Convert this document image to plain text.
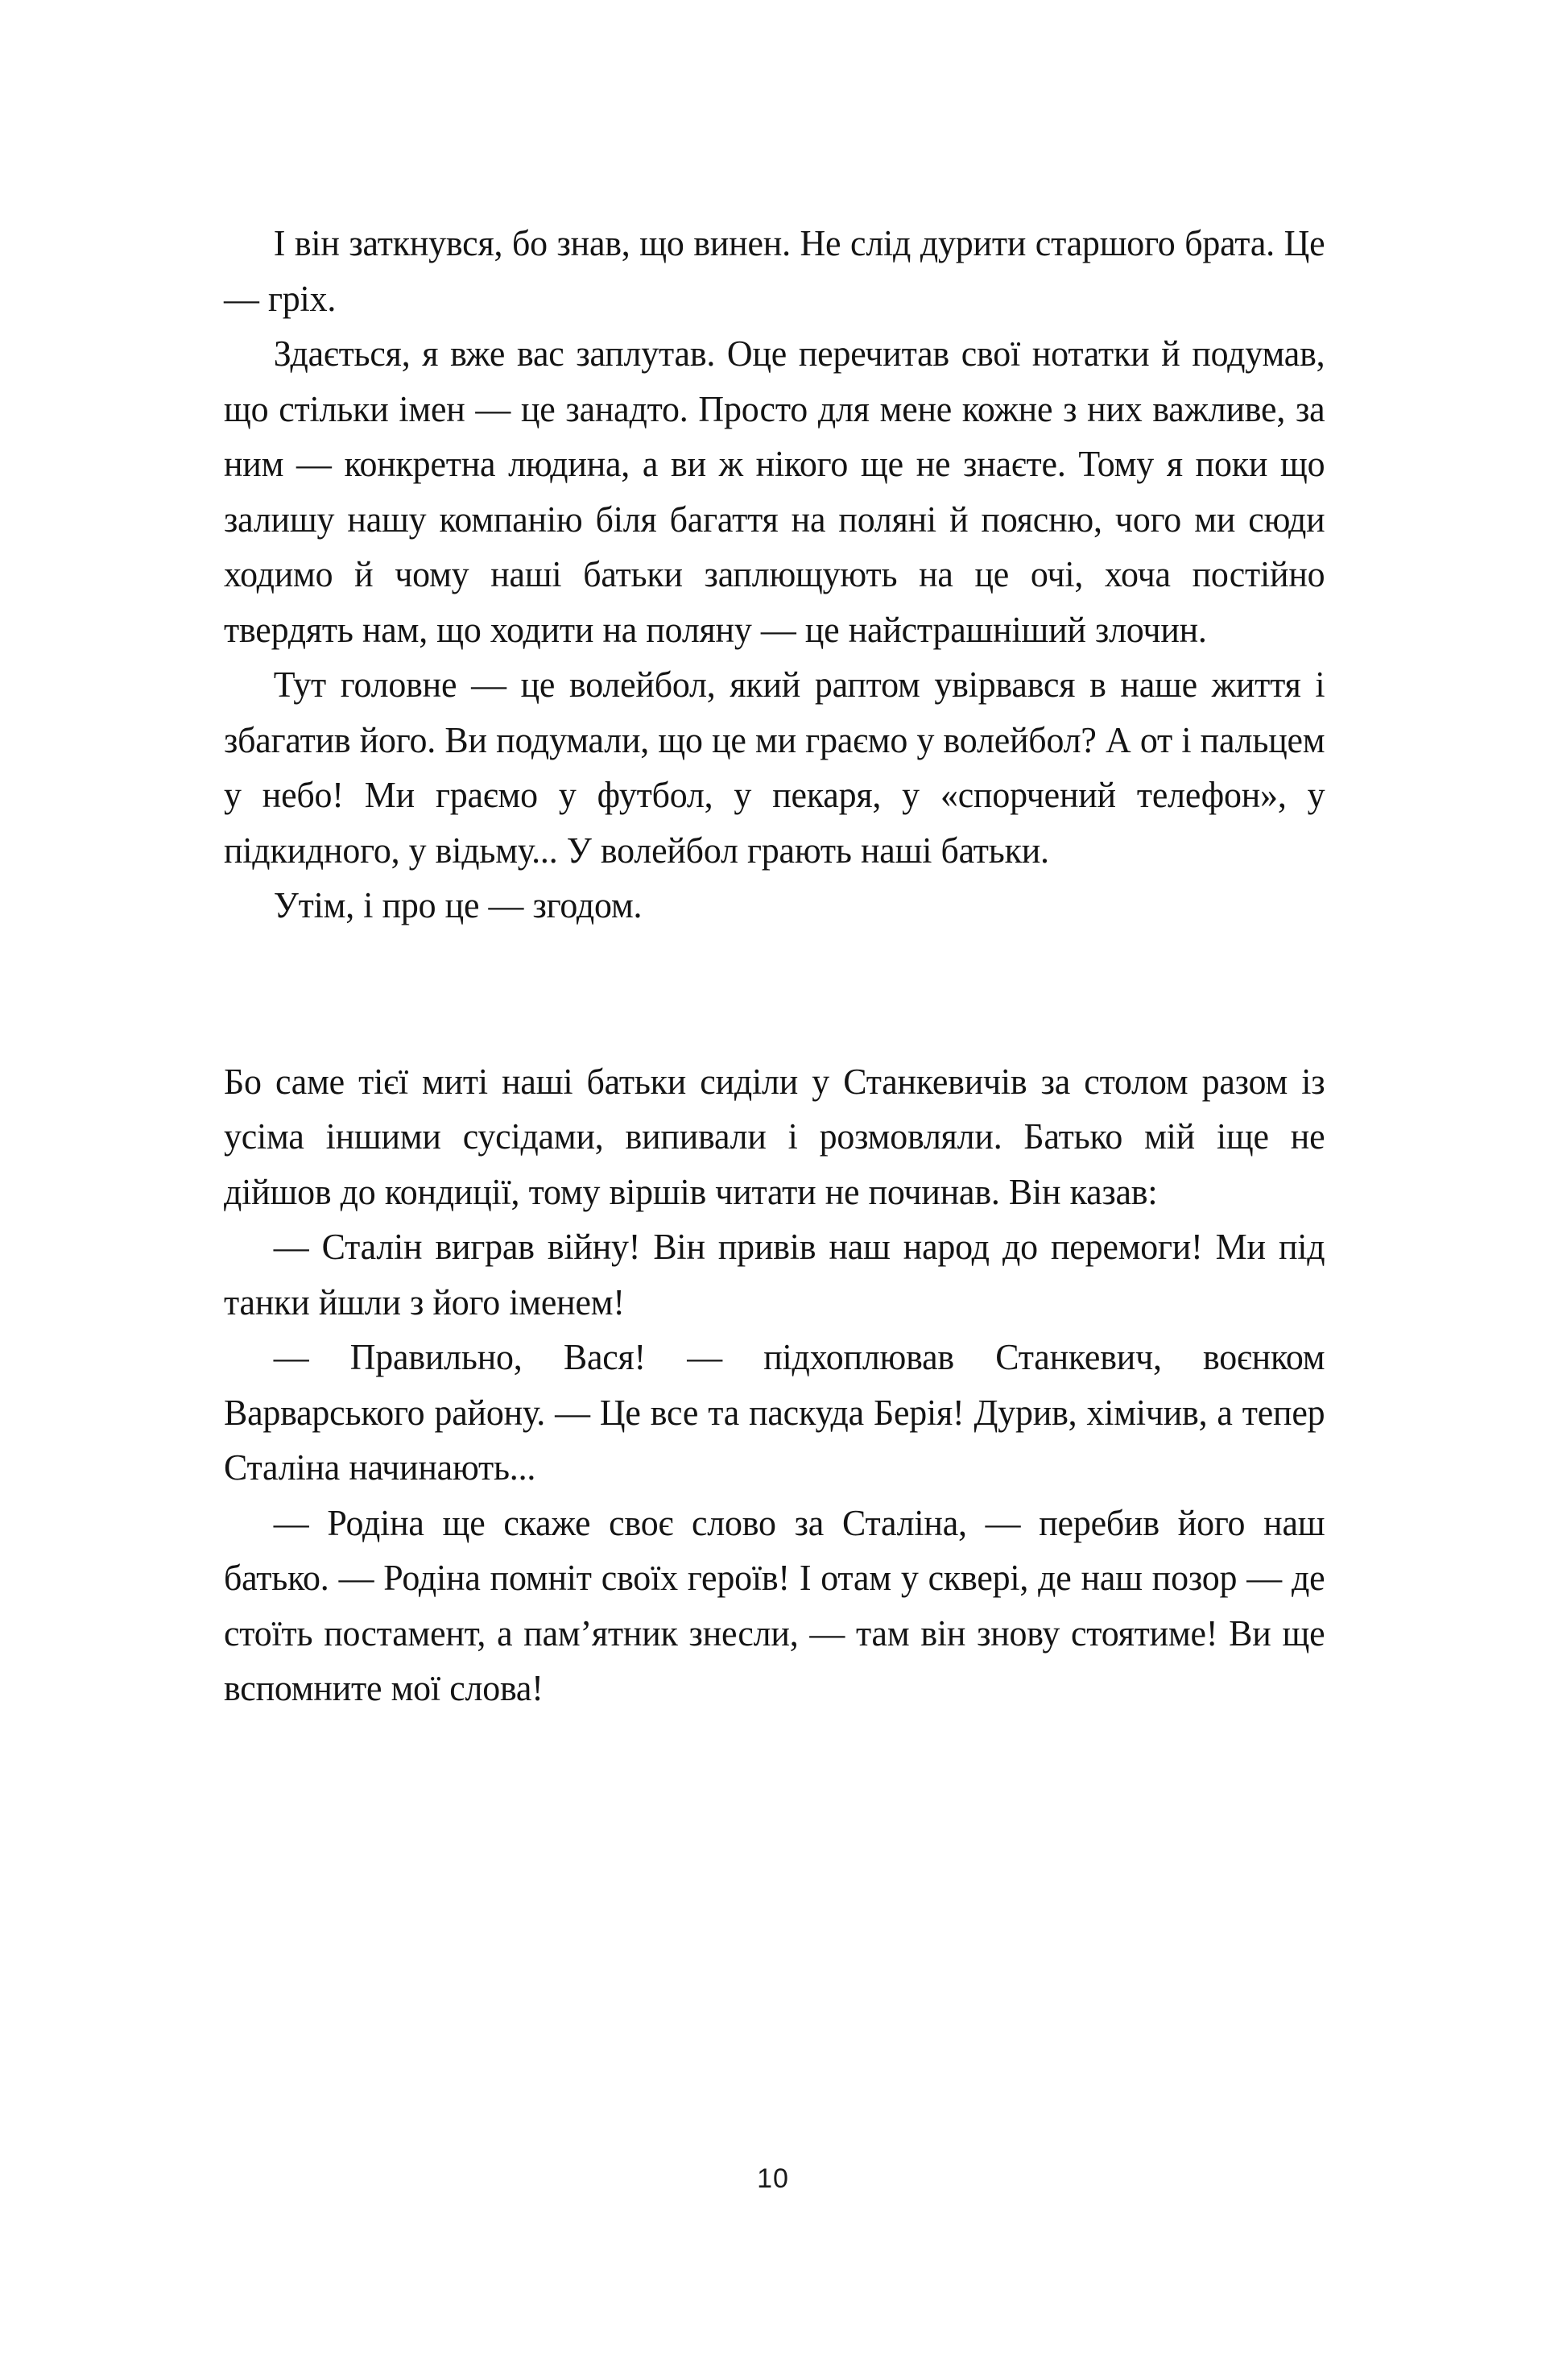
І він заткнувся, бо знав, що винен. Не слід дурити старшого брата. Це — гріх.

Здається, я вже вас заплутав. Оце перечитав свої нотатки й подумав, що стільки імен — це занадто. Просто для мене кожне з них важливе, за ним — конкретна людина, а ви ж нікого ще не знаєте. Тому я поки що залишу нашу компанію біля багаття на поляні й поясню, чого ми сюди ходимо й чому наші батьки заплющують на це очі, хоча постійно твердять нам, що ходити на поляну — це найстрашніший злочин.

Тут головне — це волейбол, який раптом увірвався в наше життя і збагатив його. Ви подумали, що це ми граємо у волейбол? А от і пальцем у небо! Ми граємо у футбол, у пекаря, у «спорчений телефон», у підкидного, у відьму... У волейбол грають наші батьки.

Утім, і про це — згодом.

Бо саме тієї миті наші батьки сиділи у Станкевичів за столом разом із усіма іншими сусідами, випивали і розмовляли. Батько мій іще не дійшов до кондиції, тому віршів читати не починав. Він казав:

— Сталін виграв війну! Він привів наш народ до перемоги! Ми під танки йшли з його іменем!

— Правильно, Вася! — підхоплював Станкевич, воєнком Варварського району. — Це все та паскуда Берія! Дурив, хімічив, а тепер Сталіна начинають...

— Родіна ще скаже своє слово за Сталіна, — перебив його наш батько. — Родіна помніт своїх героїв! І отам у сквері, де наш позор — де стоїть постамент, а пам’ятник знесли, — там він знову стоятиме! Ви ще вспомните мої слова!

10
